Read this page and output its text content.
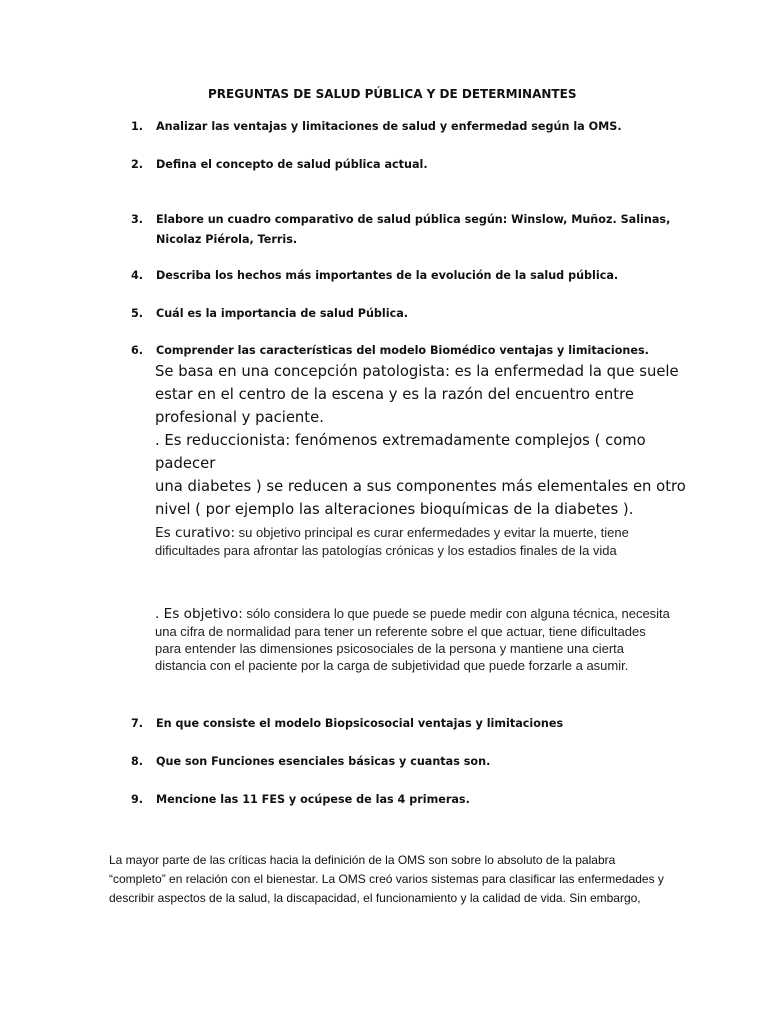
PREGUNTAS DE SALUD PÚBLICA Y DE DETERMINANTES
1. Analizar las ventajas y limitaciones de salud y enfermedad según la OMS.
2. Defina el concepto de salud pública actual.
3. Elabore un cuadro comparativo de salud pública según: Winslow, Muñoz. Salinas, Nicolaz Piérola, Terris.
4. Describa los hechos más importantes de la evolución de la salud pública.
5. Cuál es la importancia de salud Pública.
6. Comprender las características del modelo Biomédico ventajas y limitaciones.
Se basa en una concepción patologista: es la enfermedad la que suele
estar en el centro de la escena y es la razón del encuentro entre
profesional y paciente.
. Es reduccionista: fenómenos extremadamente complejos ( como
padecer
una diabetes ) se reducen a sus componentes más elementales en otro
nivel ( por ejemplo las alteraciones bioquímicas de la diabetes ).
Es curativo: su objetivo principal es curar enfermedades y evitar la muerte, tiene dificultades para afrontar las patologías crónicas y los estadios finales de la vida
. Es objetivo: sólo considera lo que puede se puede medir con alguna técnica, necesita una cifra de normalidad para tener un referente sobre el que actuar, tiene dificultades para entender las dimensiones psicosociales de la persona y mantiene una cierta distancia con el paciente por la carga de subjetividad que puede forzarle a asumir.
7. En que consiste el modelo Biopsicosocial ventajas y limitaciones
8. Que son Funciones esenciales básicas y cuantas son.
9. Mencione las 11 FES y ocúpese de las 4 primeras.
La mayor parte de las críticas hacia la definición de la OMS son sobre lo absoluto de la palabra
“completo” en relación con el bienestar. La OMS creó varios sistemas para clasificar las enfermedades y
describir aspectos de la salud, la discapacidad, el funcionamiento y la calidad de vida. Sin embargo,
